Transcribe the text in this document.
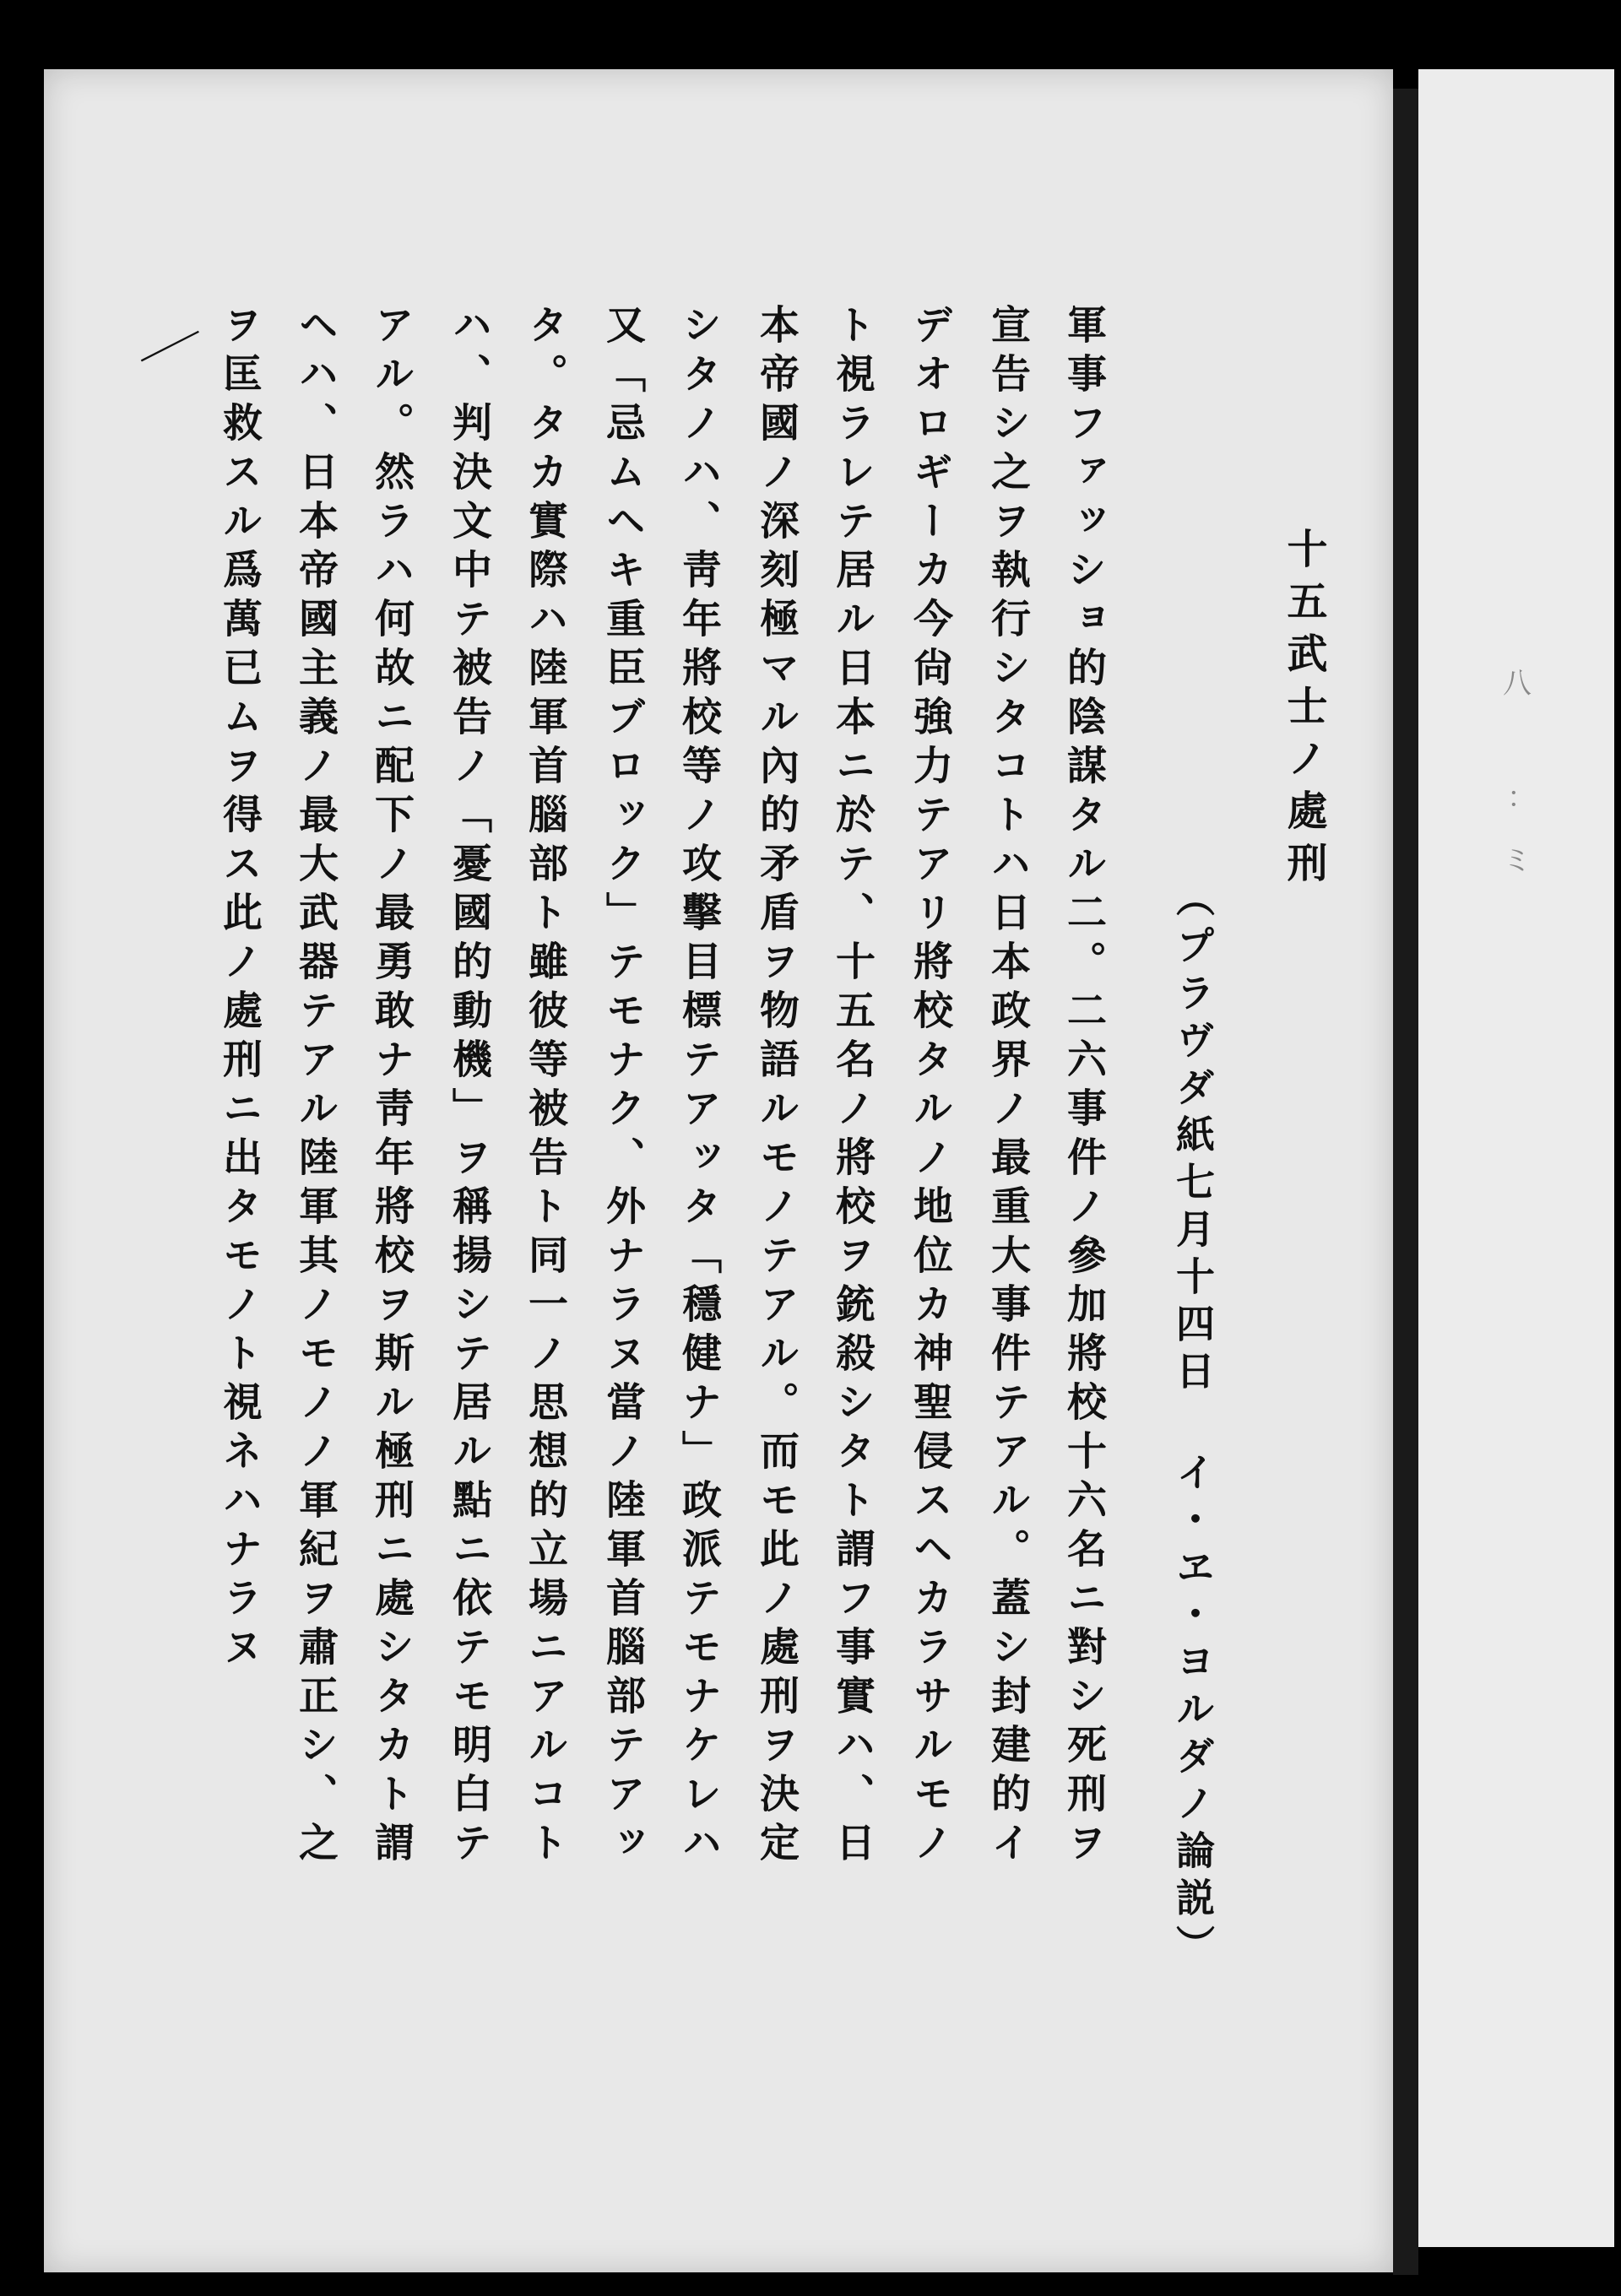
八
：
ミ
十五武士ノ處刑
（プラヴダ紙七月十四日 イ・ヱ・ヨルダノ論説）
軍事ファッショ的陰謀タル二。二六事件ノ參加將校十六名ニ對シ死刑ヲ
宣告シ之ヲ執行シタコトハ日本政界ノ最重大事件テアル。蓋シ封建的イ
デオロギーカ今尙強力テアリ將校タルノ地位カ神聖侵スヘカラサルモノ
ト視ラレテ居ル日本ニ於テ、十五名ノ將校ヲ銃殺シタト謂フ事實ハ、日
本帝國ノ深刻極マル內的矛盾ヲ物語ルモノテアル。而モ此ノ處刑ヲ決定
シタノハ、靑年將校等ノ攻擊目標テアッタ「穩健ナ」政派テモナケレハ
又「忌ムヘキ重臣ブロック」テモナク、外ナラヌ當ノ陸軍首腦部テアッ
タ。タカ實際ハ陸軍首腦部ト雖彼等被告ト同一ノ思想的立場ニアルコト
ハ、判決文中テ被告ノ「憂國的動機」ヲ稱揚シテ居ル點ニ依テモ明白テ
アル。然ラハ何故ニ配下ノ最勇敢ナ靑年將校ヲ斯ル極刑ニ處シタカト謂
ヘハ、日本帝國主義ノ最大武器テアル陸軍其ノモノノ軍紀ヲ肅正シ、之
ヲ匡救スル爲萬已ムヲ得ス此ノ處刑ニ出タモノト視ネハナラヌ
／
